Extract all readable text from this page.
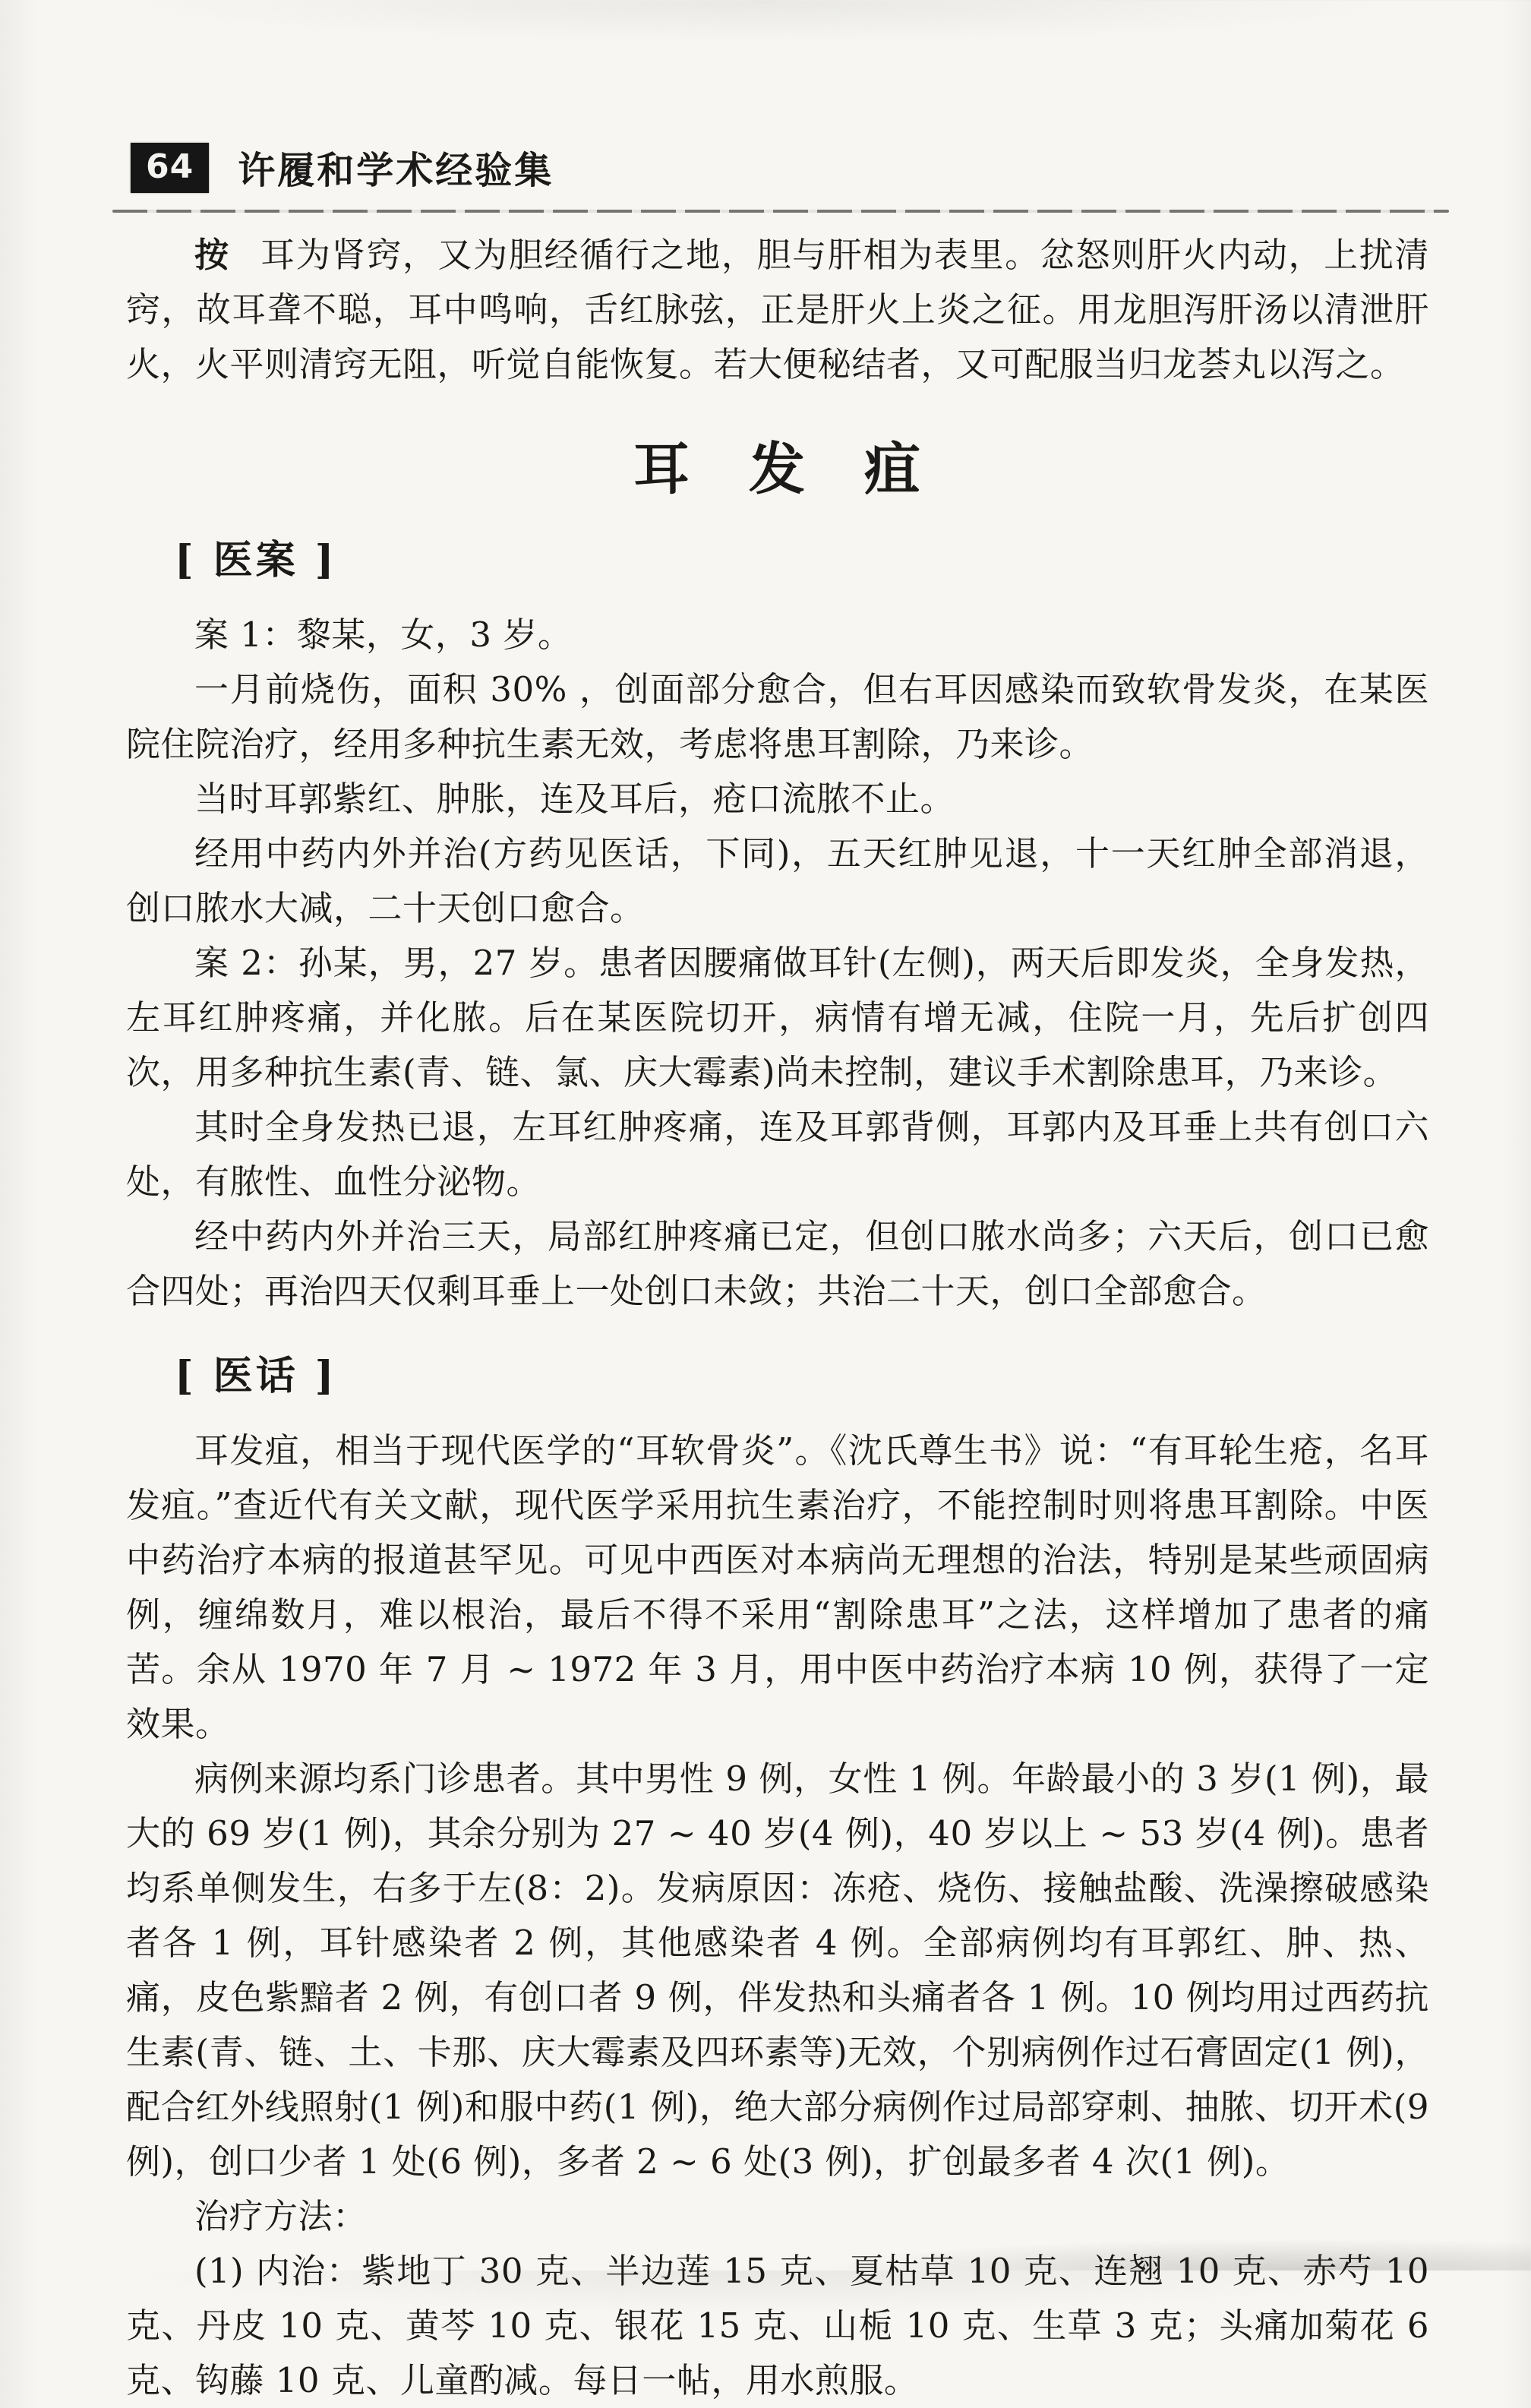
64	许履和学术经验集

按 耳为肾窍，又为胆经循行之地，胆与肝相为表里。忿怒则肝火内动，上扰清窍，故耳聋不聪，耳中鸣响，舌红脉弦，正是肝火上炎之征。用龙胆泻肝汤以清泄肝火，火平则清窍无阻，听觉自能恢复。若大便秘结者，又可配服当归龙荟丸以泻之。

耳　发　疽
[ 医案 ]

案 1：黎某，女，3 岁。

一月前烧伤，面积 30% ，创面部分愈合，但右耳因感染而致软骨发炎，在某医院住院治疗，经用多种抗生素无效，考虑将患耳割除，乃来诊。

当时耳郭紫红、肿胀，连及耳后，疮口流脓不止。

经用中药内外并治(方药见医话，下同)，五天红肿见退，十一天红肿全部消退，创口脓水大减，二十天创口愈合。

案 2：孙某，男，27 岁。患者因腰痛做耳针(左侧)，两天后即发炎，全身发热，左耳红肿疼痛，并化脓。后在某医院切开，病情有增无减，住院一月，先后扩创四次，用多种抗生素(青、链、氯、庆大霉素)尚未控制，建议手术割除患耳，乃来诊。

其时全身发热已退，左耳红肿疼痛，连及耳郭背侧，耳郭内及耳垂上共有创口六处，有脓性、血性分泌物。

经中药内外并治三天，局部红肿疼痛已定，但创口脓水尚多；六天后，创口已愈合四处；再治四天仅剩耳垂上一处创口未敛；共治二十天，创口全部愈合。

[ 医话 ]

耳发疽，相当于现代医学的“耳软骨炎”。《沈氏尊生书》说：“有耳轮生疮，名耳发疽。”查近代有关文献，现代医学采用抗生素治疗，不能控制时则将患耳割除。中医中药治疗本病的报道甚罕见。可见中西医对本病尚无理想的治法，特别是某些顽固病例，缠绵数月，难以根治，最后不得不采用“割除患耳”之法，这样增加了患者的痛苦。余从 1970 年 7 月 ~ 1972 年 3 月，用中医中药治疗本病 10 例，获得了一定效果。

病例来源均系门诊患者。其中男性 9 例，女性 1 例。年龄最小的 3 岁(1 例)，最大的 69 岁(1 例)，其余分别为 27 ~ 40 岁(4 例)，40 岁以上 ~ 53 岁(4 例)。患者均系单侧发生，右多于左(8：2)。发病原因：冻疮、烧伤、接触盐酸、洗澡擦破感染者各 1 例，耳针感染者 2 例，其他感染者 4 例。全部病例均有耳郭红、肿、热、痛，皮色紫黯者 2 例，有创口者 9 例，伴发热和头痛者各 1 例。10 例均用过西药抗生素(青、链、土、卡那、庆大霉素及四环素等)无效，个别病例作过石膏固定(1 例)，配合红外线照射(1 例)和服中药(1 例)，绝大部分病例作过局部穿刺、抽脓、切开术(9 例)，创口少者 1 处(6 例)，多者 2 ~ 6 处(3 例)，扩创最多者 4 次(1 例)。

治疗方法：

(1) 内治：紫地丁 30 克、半边莲 15 克、夏枯草 10 克、连翘 10 克、赤芍 10 克、丹皮 10 克、黄芩 10 克、银花 15 克、山栀 10 克、生草 3 克；头痛加菊花 6 克、钩藤 10 克、儿童酌减。每日一帖，用水煎服。
